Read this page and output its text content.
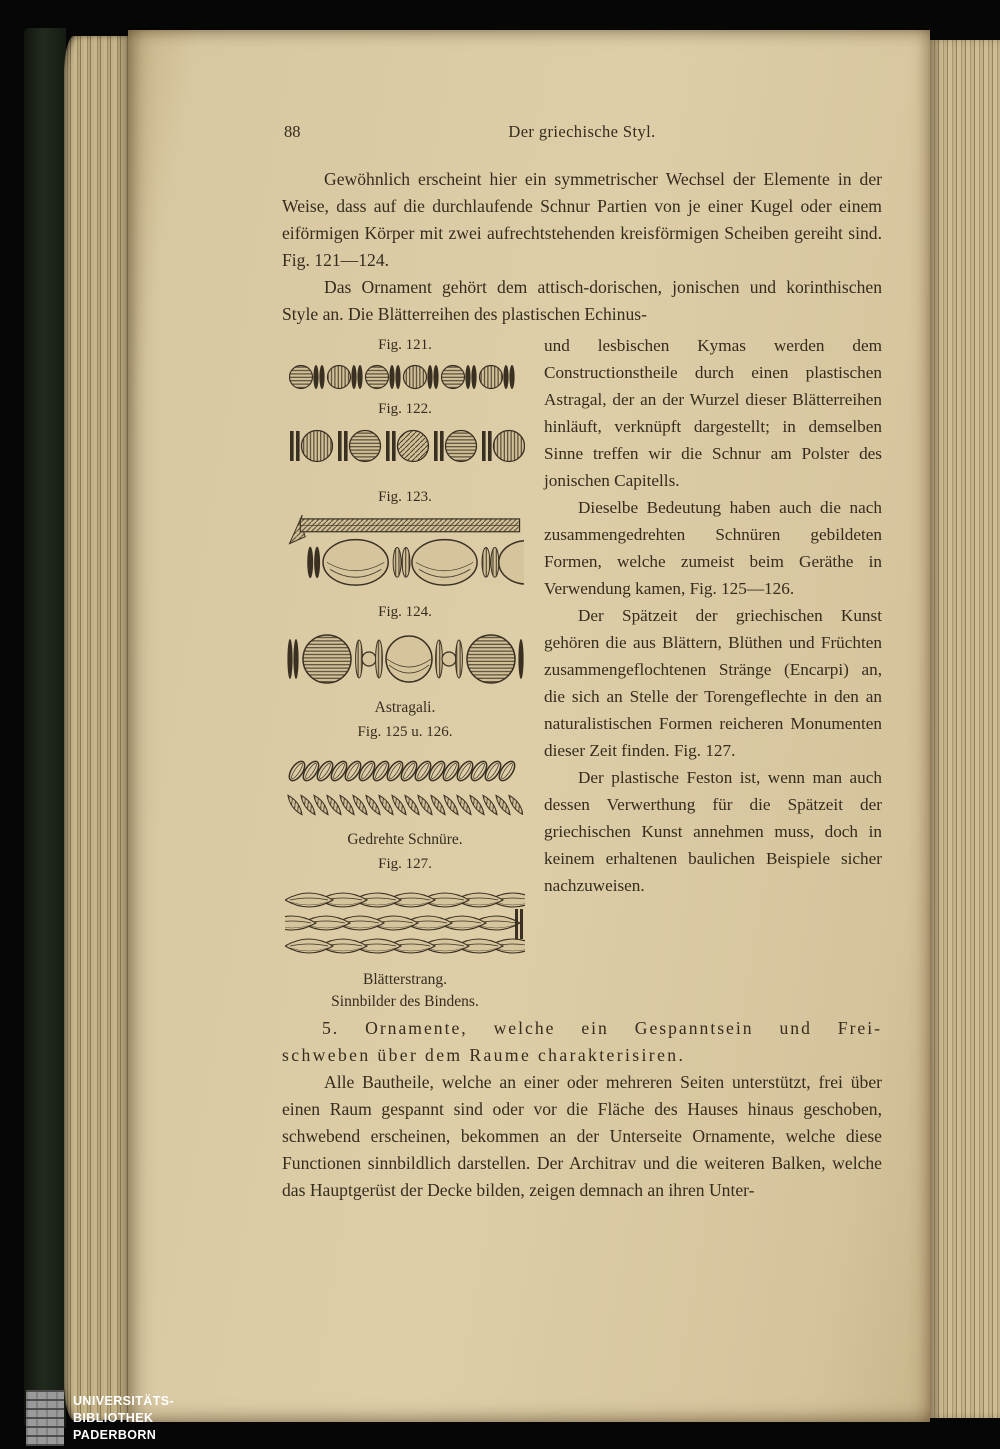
88	Der griechische Styl.

Gewöhnlich erscheint hier ein symmetrischer Wechsel der Elemente in der Weise, dass auf die durchlaufende Schnur Partien von je einer Kugel oder einem eiförmigen Körper mit zwei aufrechtstehenden kreisförmigen Scheiben gereiht sind. Fig. 121—124.

Das Ornament gehört dem attisch-dorischen, jonischen und korinthischen Style an. Die Blätterreihen des plastischen Echinus-

Fig. 121.
Fig. 122.
Fig. 123.
Fig. 124.
Astragali.
Fig. 125 u. 126.
Gedrehte Schnüre.
Fig. 127.
Blätterstrang.
Sinnbilder des Bindens.

und lesbischen Kymas werden dem Constructionstheile durch einen plastischen Astragal, der an der Wurzel dieser Blätterreihen hinläuft, verknüpft dargestellt; in demselben Sinne treffen wir die Schnur am Polster des jonischen Capitells.

Dieselbe Bedeutung haben auch die nach zusammengedrehten Schnüren gebildeten Formen, welche zumeist beim Geräthe in Verwendung kamen, Fig. 125—126.

Der Spätzeit der griechischen Kunst gehören die aus Blättern, Blüthen und Früchten zusammengeflochtenen Stränge (Encarpi) an, die sich an Stelle der Torengeflechte in den an naturalistischen Formen reicheren Monumenten dieser Zeit finden. Fig. 127.

Der plastische Feston ist, wenn man auch dessen Verwerthung für die Spätzeit der griechischen Kunst annehmen muss, doch in keinem erhaltenen baulichen Beispiele sicher nachzuweisen.

5. Ornamente, welche ein Gespanntsein und Frei-
schweben über dem Raume charakterisiren.

Alle Bautheile, welche an einer oder mehreren Seiten unterstützt, frei über einen Raum gespannt sind oder vor die Fläche des Hauses hinaus geschoben, schwebend erscheinen, bekommen an der Unterseite Ornamente, welche diese Functionen sinnbildlich darstellen. Der Architrav und die weiteren Balken, welche das Hauptgerüst der Decke bilden, zeigen demnach an ihren Unter-

UNIVERSITÄTS-
BIBLIOTHEK
PADERBORN
